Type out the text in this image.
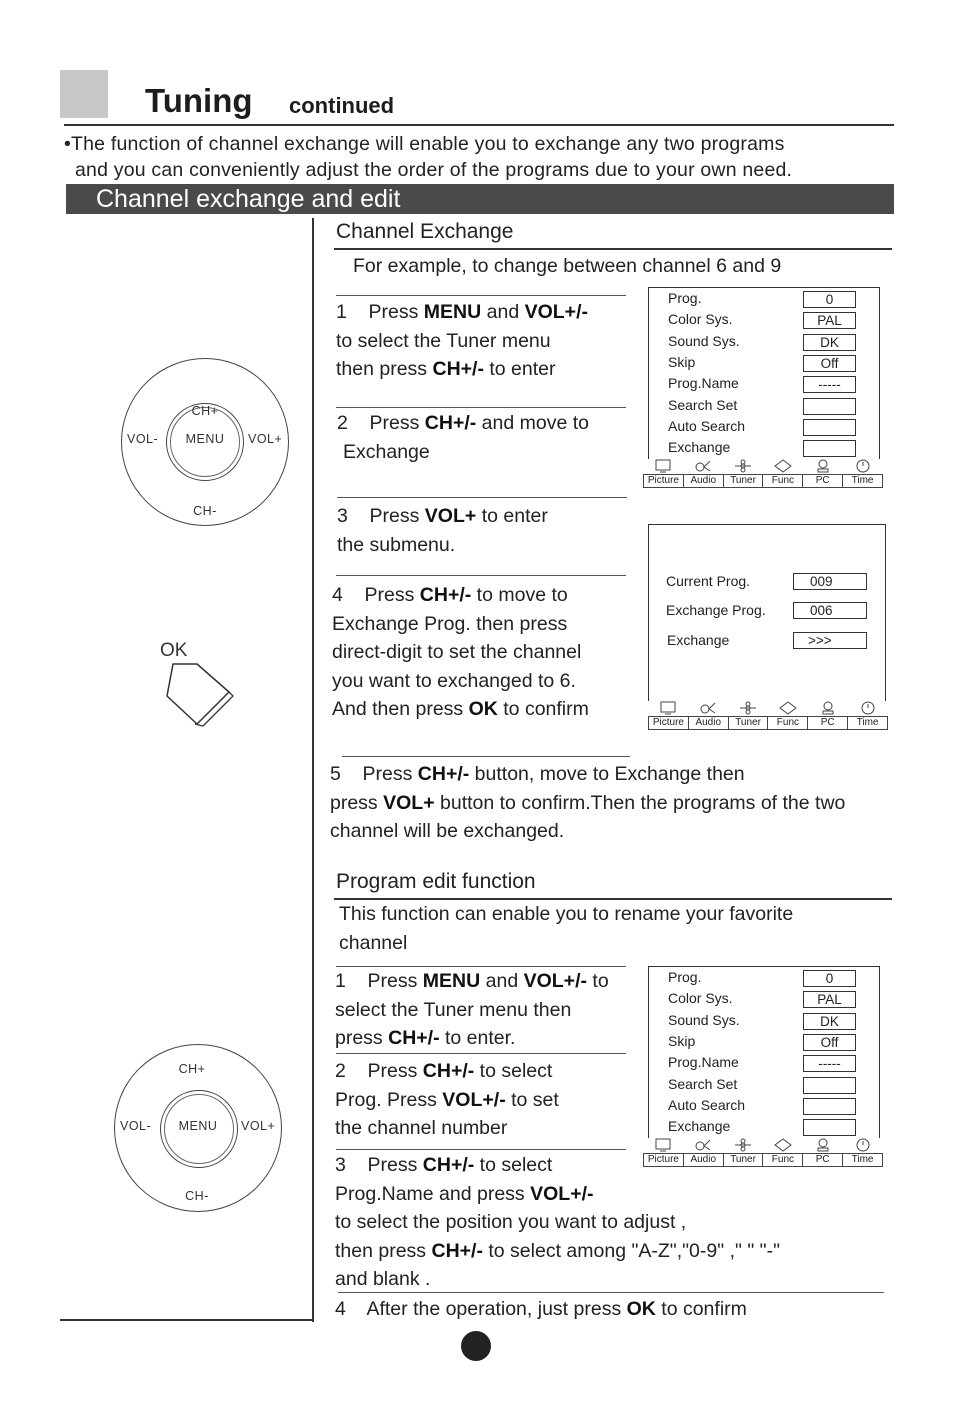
Tuning continued
•The function of channel exchange will enable you to exchange any two programs
and you can conveniently adjust the order of the programs due to your own need.
Channel exchange and edit
CH+
CH-
VOL-	VOL+
MENU
OK
CH+
CH-
VOL-	VOL+
MENU
Channel Exchange
For example, to change between channel 6 and 9
1 Press MENU and VOL+/-
to select the Tuner menu
then press CH+/- to enter
2 Press CH+/- and move to
Exchange
3 Press VOL+ to enter
the submenu.
4 Press CH+/- to move to
Exchange Prog. then press
direct-digit to set the channel
you want to exchanged to 6.
And then press OK to confirm
5 Press CH+/- button, move to Exchange then
press VOL+ button to confirm.Then the programs of the two
channel will be exchanged.
Prog.	0
Color Sys.	PAL
Sound Sys.	DK
Skip	Off
Prog.Name	-----
Search Set
Auto Search
Exchange
Picture	Audio	Tuner	Func	PC	Time
Current Prog.	009
Exchange Prog.	006
Exchange	>>>
Picture	Audio	Tuner	Func	PC	Time
Program edit function
This function can enable you to rename your favorite
channel
1 Press MENU and VOL+/- to
select the Tuner menu then
press CH+/- to enter.
2 Press CH+/- to select
Prog. Press VOL+/- to set
the channel number
3 Press CH+/- to select
Prog.Name and press VOL+/-
to select the position you want to adjust ,
then press CH+/- to select among "A-Z","0-9" ," " "-"
and blank .
4 After the operation, just press OK to confirm
Prog.	0
Color Sys.	PAL
Sound Sys.	DK
Skip	Off
Prog.Name	-----
Search Set
Auto Search
Exchange
Picture	Audio	Tuner	Func	PC	Time
